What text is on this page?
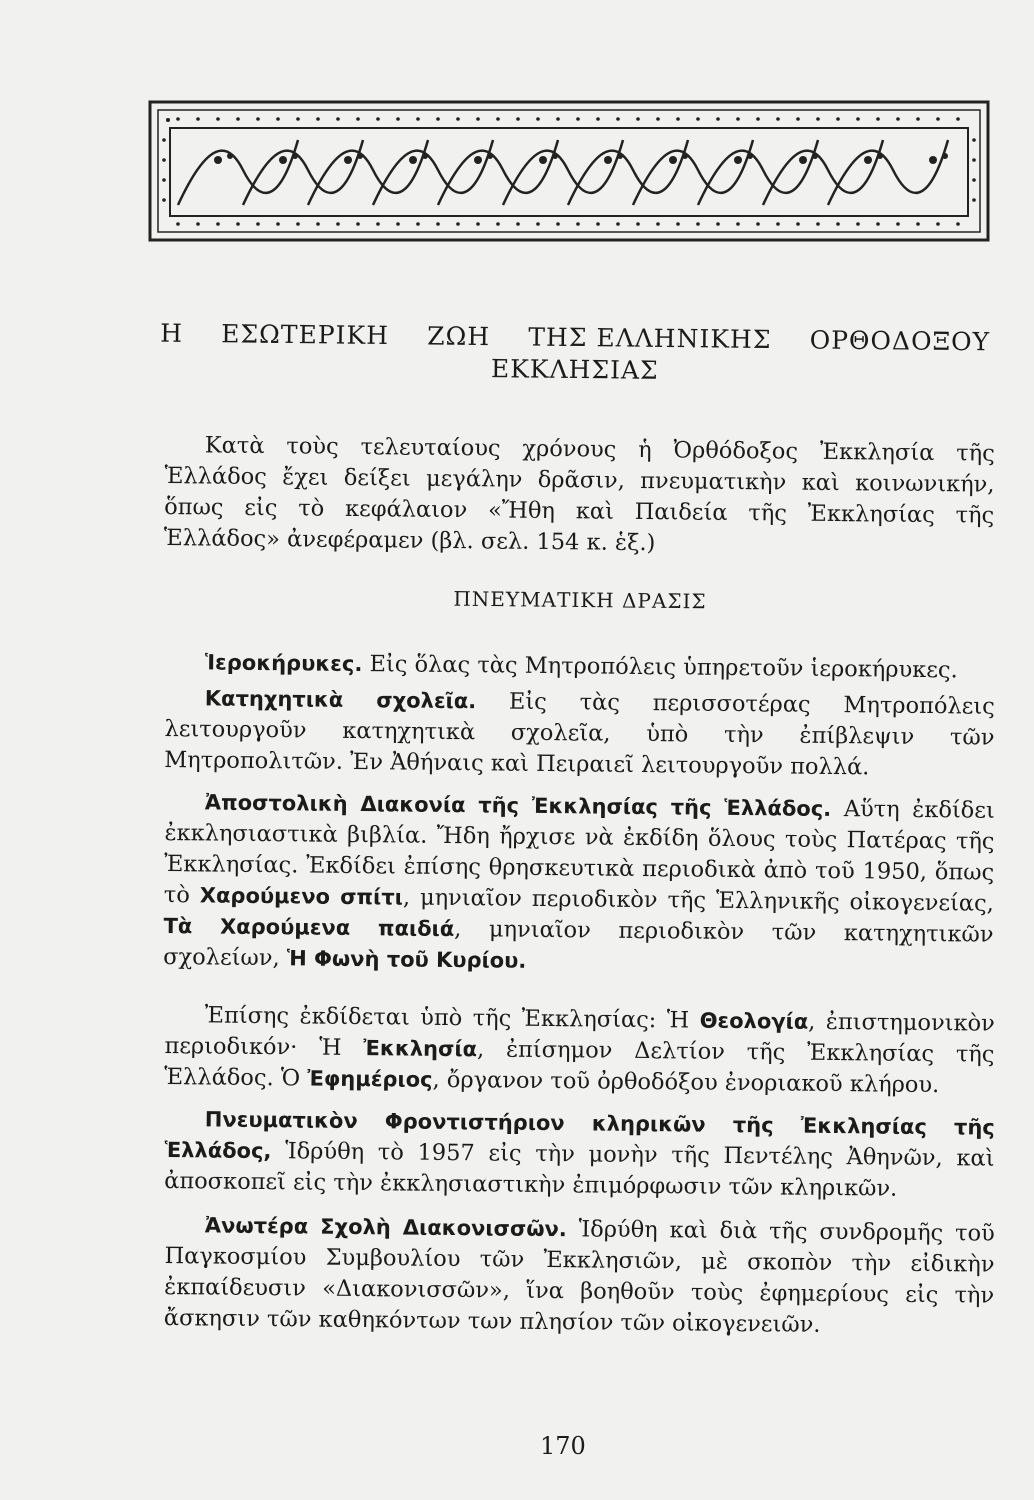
Η ΕΣΩΤΕΡΙΚΗ ΖΩΗ ΤΗΣ ΕΛΛΗΝΙΚΗΣ ΟΡΘΟΔΟΞΟΥ
ΕΚΚΛΗΣΙΑΣ
Κατὰ τοὺς τελευταίους χρόνους ἡ Ὀρθόδοξος Ἐκκλησία τῆς Ἑλλάδος ἔχει δείξει μεγάλην δρᾶσιν, πνευματικὴν καὶ κοινωνικήν, ὅπως εἰς τὸ κεφάλαιον «Ἤθη καὶ Παιδεία τῆς Ἐκκλησίας τῆς Ἑλλάδος» ἀνεφέραμεν (βλ. σελ. 154 κ. ἑξ.)
ΠΝΕΥΜΑΤΙΚΗ ΔΡΑΣΙΣ
Ἱεροκήρυκες. Εἰς ὅλας τὰς Μητροπόλεις ὑπηρετοῦν ἱεροκήρυκες.
Κατηχητικὰ σχολεῖα. Εἰς τὰς περισσοτέρας Μητροπόλεις λειτουργοῦν κατηχητικὰ σχολεῖα, ὑπὸ τὴν ἐπίβλεψιν τῶν Μητροπολιτῶν. Ἐν Ἀθήναις καὶ Πειραιεῖ λειτουργοῦν πολλά.
Ἀποστολικὴ Διακονία τῆς Ἐκκλησίας τῆς Ἑλλάδος. Αὕτη ἐκδίδει ἐκκλησιαστικὰ βιβλία. Ἤδη ἤρχισε νὰ ἐκδίδη ὅλους τοὺς Πατέρας τῆς Ἐκκλησίας. Ἐκδίδει ἐπίσης θρησκευτικὰ περιοδικὰ ἀπὸ τοῦ 1950, ὅπως τὸ Χαρούμενο σπίτι, μηνιαῖον περιοδικὸν τῆς Ἑλληνικῆς οἰκογενείας, Τὰ Χαρούμενα παιδιά, μηνιαῖον περιοδικὸν τῶν κατηχητικῶν σχολείων, Ἡ Φωνὴ τοῦ Κυρίου.
Ἐπίσης ἐκδίδεται ὑπὸ τῆς Ἐκκλησίας: Ἡ Θεολογία, ἐπιστημονικὸν περιοδικόν· Ἡ Ἐκκλησία, ἐπίσημον Δελτίον τῆς Ἐκκλησίας τῆς Ἑλλάδος. Ὁ Ἐφημέριος, ὄργανον τοῦ ὀρθοδόξου ἐνοριακοῦ κλήρου.
Πνευματικὸν Φροντιστήριον κληρικῶν τῆς Ἐκκλησίας τῆς Ἑλλάδος, Ἱδρύθη τὸ 1957 εἰς τὴν μονὴν τῆς Πεντέλης Ἀθηνῶν, καὶ ἀποσκοπεῖ εἰς τὴν ἐκκλησιαστικὴν ἐπιμόρφωσιν τῶν κληρικῶν.
Ἀνωτέρα Σχολὴ Διακονισσῶν. Ἱδρύθη καὶ διὰ τῆς συνδρομῆς τοῦ Παγκοσμίου Συμβουλίου τῶν Ἐκκλησιῶν, μὲ σκοπὸν τὴν εἰδικὴν ἐκπαίδευσιν «Διακονισσῶν», ἵνα βοηθοῦν τοὺς ἐφημερίους εἰς τὴν ἄσκησιν τῶν καθηκόντων των πλησίον τῶν οἰκογενειῶν.
170
